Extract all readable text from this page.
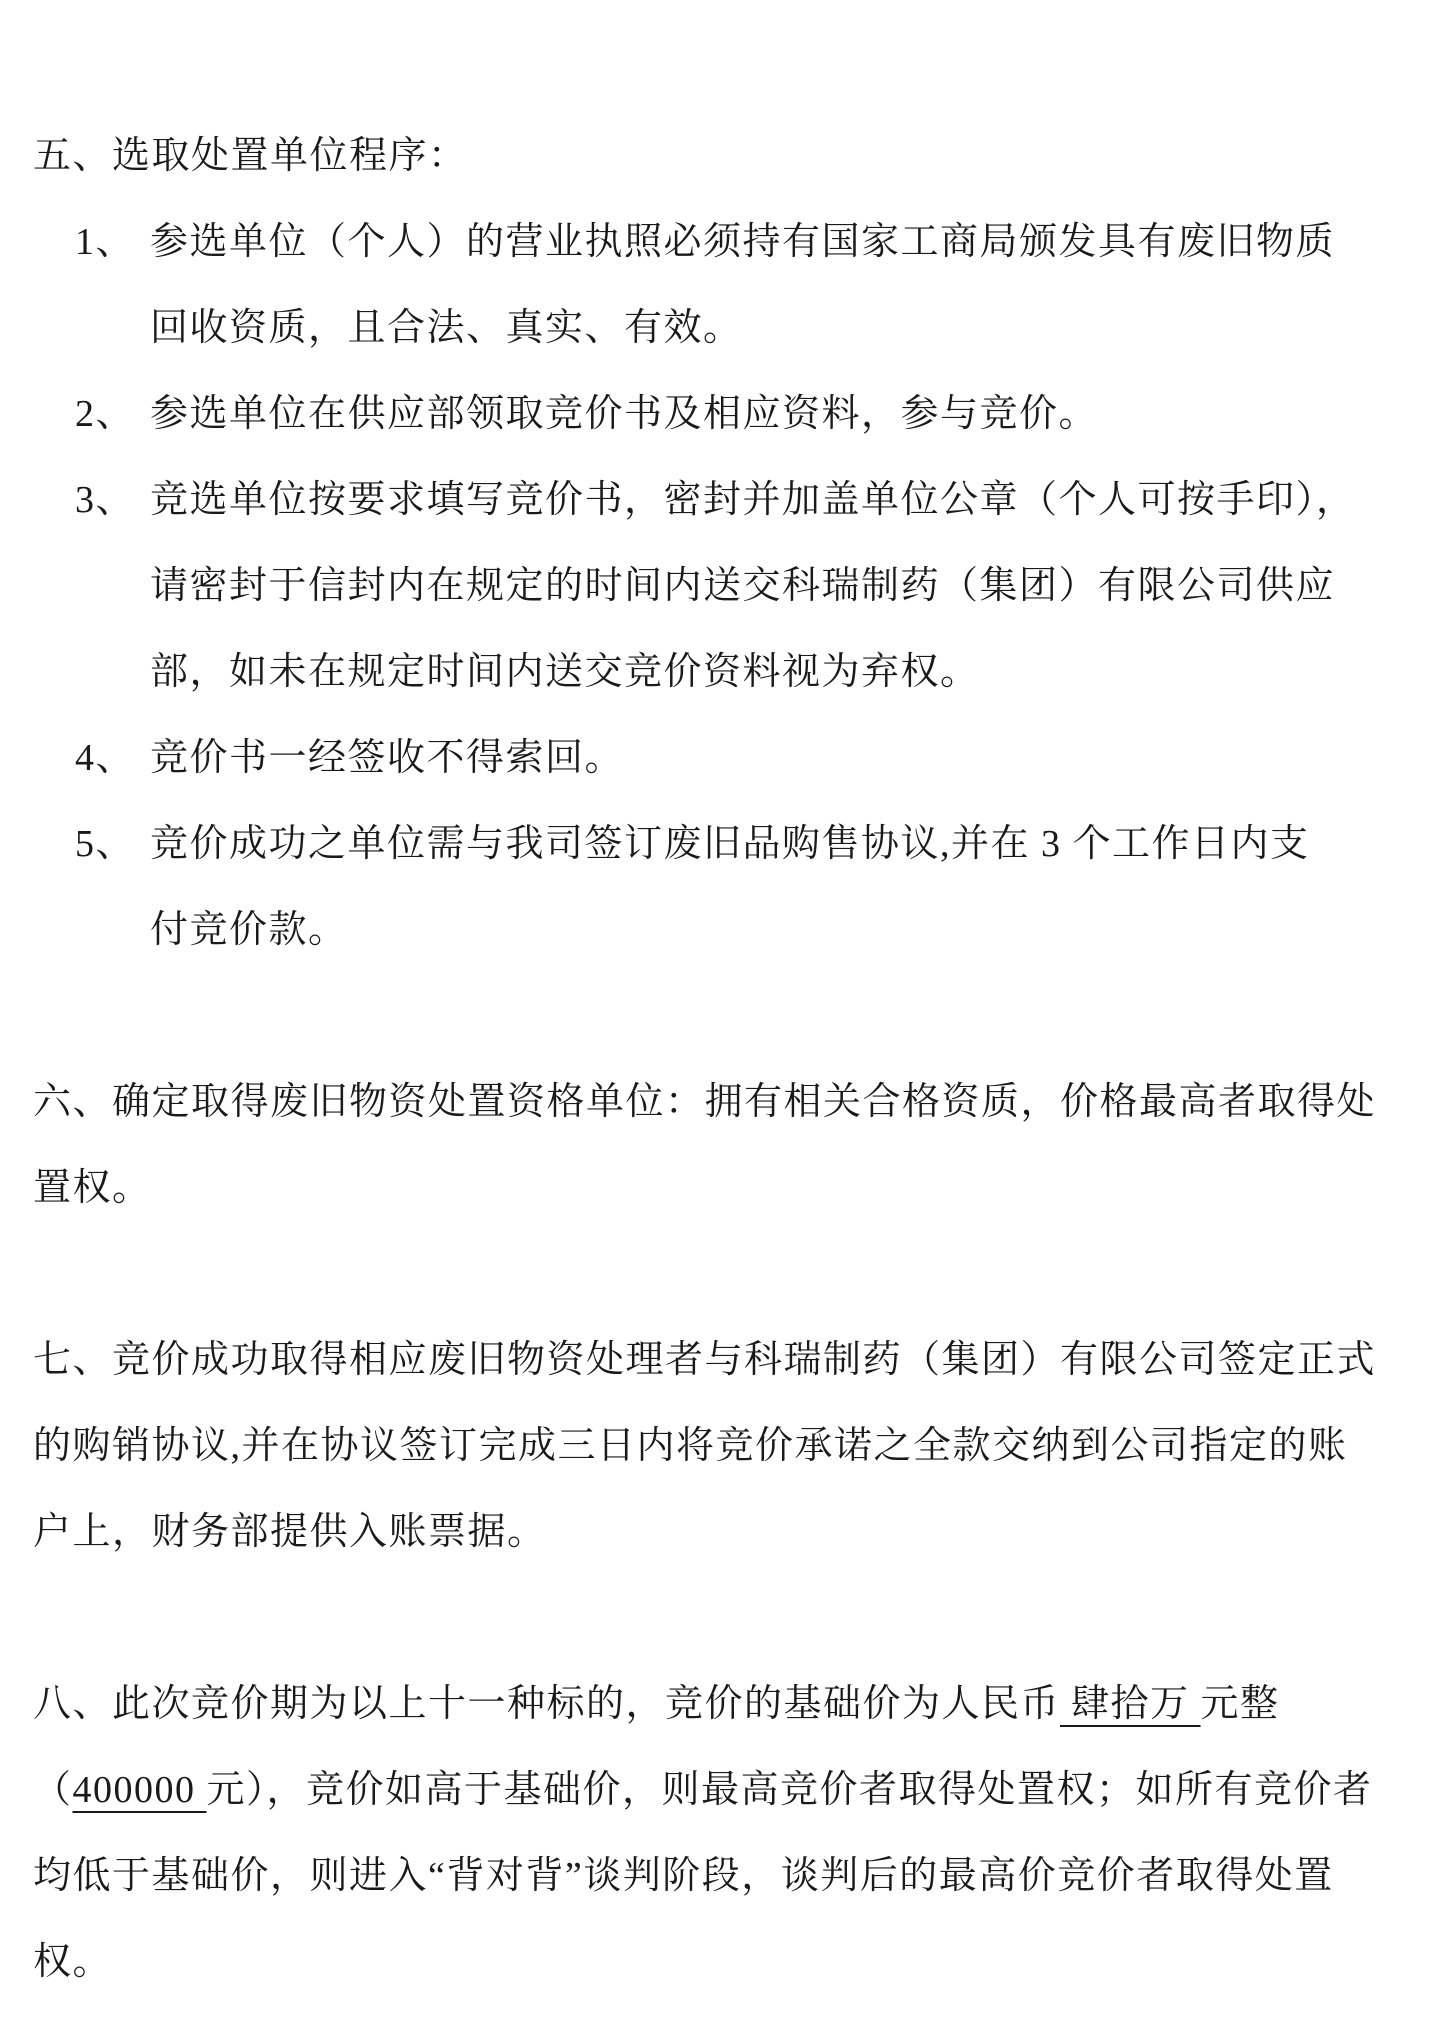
五、选取处置单位程序：
1、 参选单位（个人）的营业执照必须持有国家工商局颁发具有废旧物质
回收资质，且合法、真实、有效。
2、 参选单位在供应部领取竞价书及相应资料，参与竞价。
3、 竞选单位按要求填写竞价书，密封并加盖单位公章（个人可按手印），
请密封于信封内在规定的时间内送交科瑞制药（集团）有限公司供应
部，如未在规定时间内送交竞价资料视为弃权。
4、 竞价书一经签收不得索回。
5、 竞价成功之单位需与我司签订废旧品购售协议,并在 3 个工作日内支
付竞价款。
六、确定取得废旧物资处置资格单位：拥有相关合格资质，价格最高者取得处
置权。
七、竞价成功取得相应废旧物资处理者与科瑞制药（集团）有限公司签定正式
的购销协议,并在协议签订完成三日内将竞价承诺之全款交纳到公司指定的账
户上，财务部提供入账票据。
八、此次竞价期为以上十一种标的，竞价的基础价为人民币 肆拾万 元整
（400000 元），竞价如高于基础价，则最高竞价者取得处置权；如所有竞价者
均低于基础价，则进入“背对背”谈判阶段，谈判后的最高价竞价者取得处置
权。
